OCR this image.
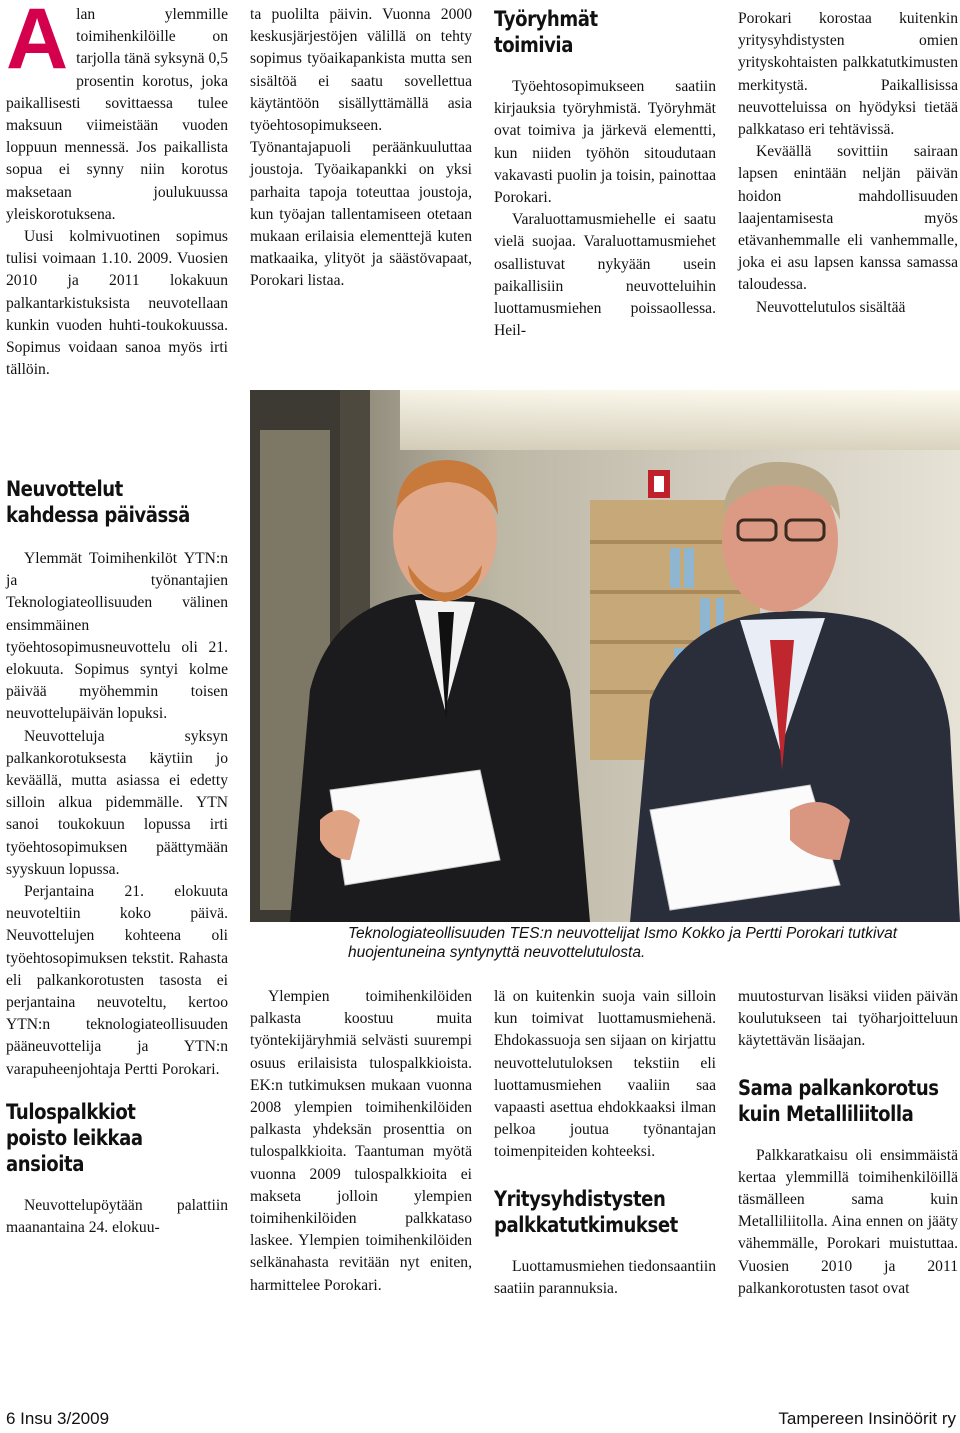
Alan ylemmille toimihenkilöille on tarjolla tänä syksynä 0,5 prosentin korotus, joka paikallisesti sovittaessa tulee maksuun viimeistään vuoden loppuun mennessä. Jos paikallista sopua ei synny niin korotus maksetaan joulukuussa yleiskorotuksena.

Uusi kolmivuotinen sopimus tulisi voimaan 1.10. 2009. Vuosien 2010 ja 2011 lokakuun palkantarkistuksista neuvotellaan kunkin vuoden huhti-toukokuussa. Sopimus voidaan sanoa myös irti tällöin.

Neuvottelut
kahdessa päivässä

Ylemmät Toimihenkilöt YTN:n ja työnantajien Teknologiateollisuuden välinen ensimmäinen työehtosopimusneuvottelu oli 21. elokuuta. Sopimus syntyi kolme päivää myöhemmin toisen neuvottelupäivän lopuksi.

Neuvotteluja syksyn palkankorotuksesta käytiin jo keväällä, mutta asiassa ei edetty silloin alkua pidemmälle. YTN sanoi toukokuun lopussa irti työehtosopimuksen päättymään syyskuun lopussa.

Perjantaina 21. elokuuta neuvoteltiin koko päivä. Neuvottelujen kohteena oli työehtosopimuksen tekstit. Rahasta eli palkankorotusten tasosta ei perjantaina neuvoteltu, kertoo YTN:n teknologiateollisuuden pääneuvottelija ja YTN:n varapuheenjohtaja Pertti Porokari.

Tulospalkkiot
poisto leikkaa
ansioita

Neuvottelupöytään palattiin maanantaina 24. elokuu-

ta puolilta päivin. Vuonna 2000 keskusjärjestöjen välillä on tehty sopimus työaikapankista mutta sen sisältöä ei saatu sovellettua käytäntöön sisällyttämällä asia työehtosopimukseen. Työnantajapuoli peräänkuuluttaa joustoja. Työaikapankki on yksi parhaita tapoja toteuttaa joustoja, kun työajan tallentamiseen otetaan mukaan erilaisia elementtejä kuten matkaaika, ylityöt ja säästövapaat, Porokari listaa.

Ylempien toimihenkilöiden palkasta koostuu muita työntekijäryhmiä selvästi suurempi osuus erilaisista tulospalkkioista. EK:n tutkimuksen mukaan vuonna 2008 ylempien toimihenkilöiden palkasta yhdeksän prosenttia on tulospalkkioita. Taantuman myötä vuonna 2009 tulospalkkioita ei makseta jolloin ylempien toimihenkilöiden palkkataso laskee. Ylempien toimihenkilöiden selkänahasta revitään nyt eniten, harmittelee Porokari.

Työryhmät
toimivia

Työehtosopimukseen saatiin kirjauksia työryhmistä. Työryhmät ovat toimiva ja järkevä elementti, kun niiden työhön sitoudutaan vakavasti puolin ja toisin, painottaa Porokari.

Varaluottamusmiehelle ei saatu vielä suojaa. Varaluottamusmiehet osallistuvat nykyään usein paikallisiin neuvotteluihin luottamusmiehen poissaollessa. Heil-

lä on kuitenkin suoja vain silloin kun toimivat luottamusmiehenä. Ehdokassuoja sen sijaan on kirjattu neuvottelutuloksen tekstiin eli luottamusmiehen vaaliin saa vapaasti asettua ehdokkaaksi ilman pelkoa joutua työnantajan toimenpiteiden kohteeksi.

Yritysyhdistysten
palkkatutkimukset

Luottamusmiehen tiedonsaantiin saatiin parannuksia.

Porokari korostaa kuitenkin yritysyhdistysten omien yrityskohtaisten palkkatutkimusten merkitystä. Paikallisissa neuvotteluissa on hyödyksi tietää palkkataso eri tehtävissä.

Keväällä sovittiin sairaan lapsen enintään neljän päivän hoidon mahdollisuuden laajentamisesta myös etävanhemmalle eli vanhemmalle, joka ei asu lapsen kanssa samassa taloudessa.

Neuvottelutulos sisältää

muutosturvan lisäksi viiden päivän koulutukseen tai työharjoitteluun käytettävän lisäajan.

Sama palkankorotus
kuin Metalliliitolla

Palkkaratkaisu oli ensimmäistä kertaa ylemmillä toimihenkilöillä täsmälleen sama kuin Metalliliitolla. Aina ennen on jääty vähemmälle, Porokari muistuttaa. Vuosien 2010 ja 2011 palkankorotusten tasot ovat

Teknologiateollisuuden TES:n neuvottelijat Ismo Kokko ja Pertti Porokari tutkivat huojentuneina syntynyttä neuvottelutulosta.
6 Insu 3/2009	Tampereen Insinöörit ry
